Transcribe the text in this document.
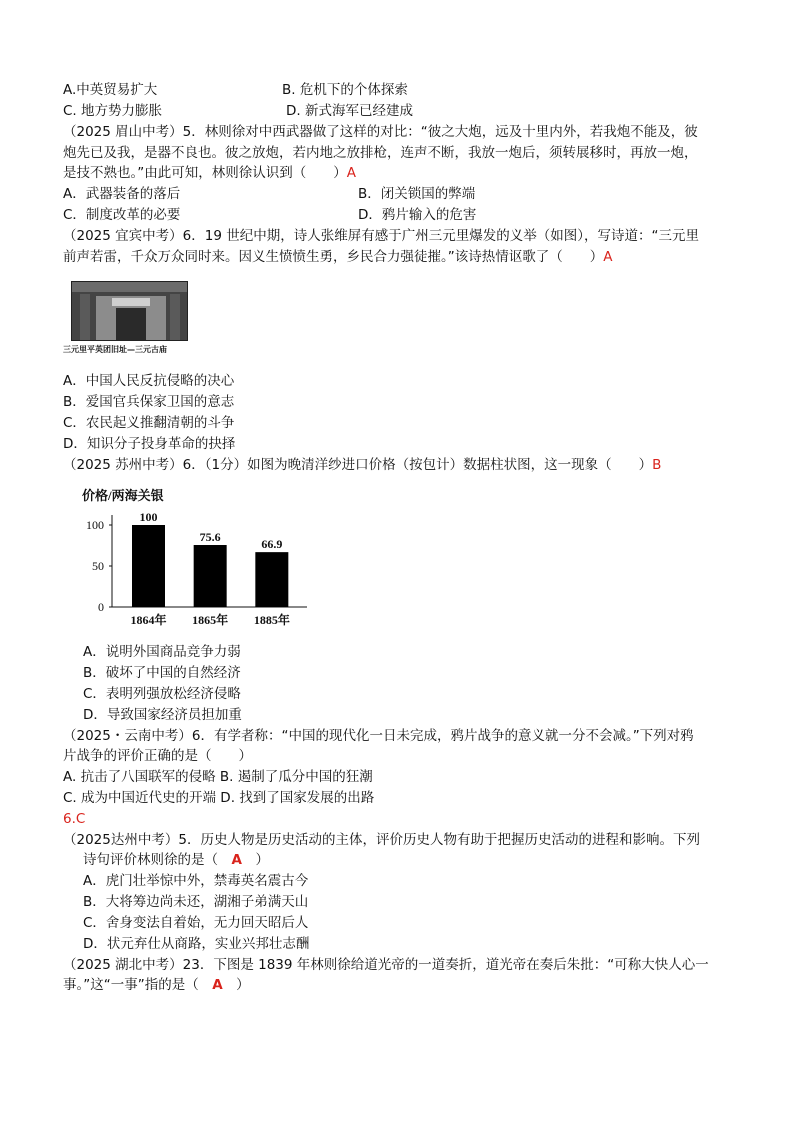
A.中英贸易扩大	B. 危机下的个体探索
C. 地方势力膨胀	D. 新式海军已经建成
（2025 眉山中考）5．林则徐对中西武器做了这样的对比：“彼之大炮，远及十里内外，若我炮不能及，彼
炮先已及我，是器不良也。彼之放炮，若内地之放排枪，连声不断，我放一炮后，须转展移时，再放一炮，
是技不熟也。”由此可知，林则徐认识到（　　）A
A．武器装备的落后	B．闭关锁国的弊端
C．制度改革的必要	D．鸦片输入的危害
（2025 宜宾中考）6．19 世纪中期，诗人张维屏有感于广州三元里爆发的义举（如图），写诗道：“三元里
前声若雷，千众万众同时来。因义生愤愤生勇，乡民合力强徒摧。”该诗热情讴歌了（　　）A
三元里平英团旧址—三元古庙
A．中国人民反抗侵略的决心
B．爱国官兵保家卫国的意志
C．农民起义推翻清朝的斗争
D．知识分子投身革命的抉择
（2025 苏州中考）6．（1分）如图为晚清洋纱进口价格（按包计）数据柱状图，这一现象（　　）B
价格/两海关银
0
50
100
100
1864年
75.6
1865年
66.9
1885年
A．说明外国商品竞争力弱
B．破坏了中国的自然经济
C．表明列强放松经济侵略
D．导致国家经济员担加重
（2025・云南中考）6．有学者称：“中国的现代化一日未完成，鸦片战争的意义就一分不会减。”下列对鸦
片战争的评价正确的是（　　）
A. 抗击了八国联军的侵略 B. 遏制了瓜分中国的狂潮
C. 成为中国近代史的开端 D. 找到了国家发展的出路
6.C
（2025达州中考）5．历史人物是历史活动的主体，评价历史人物有助于把握历史活动的进程和影响。下列
诗句评价林则徐的是（　A　）
A．虎门壮举惊中外，禁毒英名震古今
B．大将筹边尚未还，湖湘子弟满天山
C．舍身变法自着始，无力回天昭后人
D．状元弃仕从商路，实业兴邦壮志酬
（2025 湖北中考）23．下图是 1839 年林则徐给道光帝的一道奏折，道光帝在奏后朱批：“可称大快人心一
事。”这“一事”指的是（　A　）
